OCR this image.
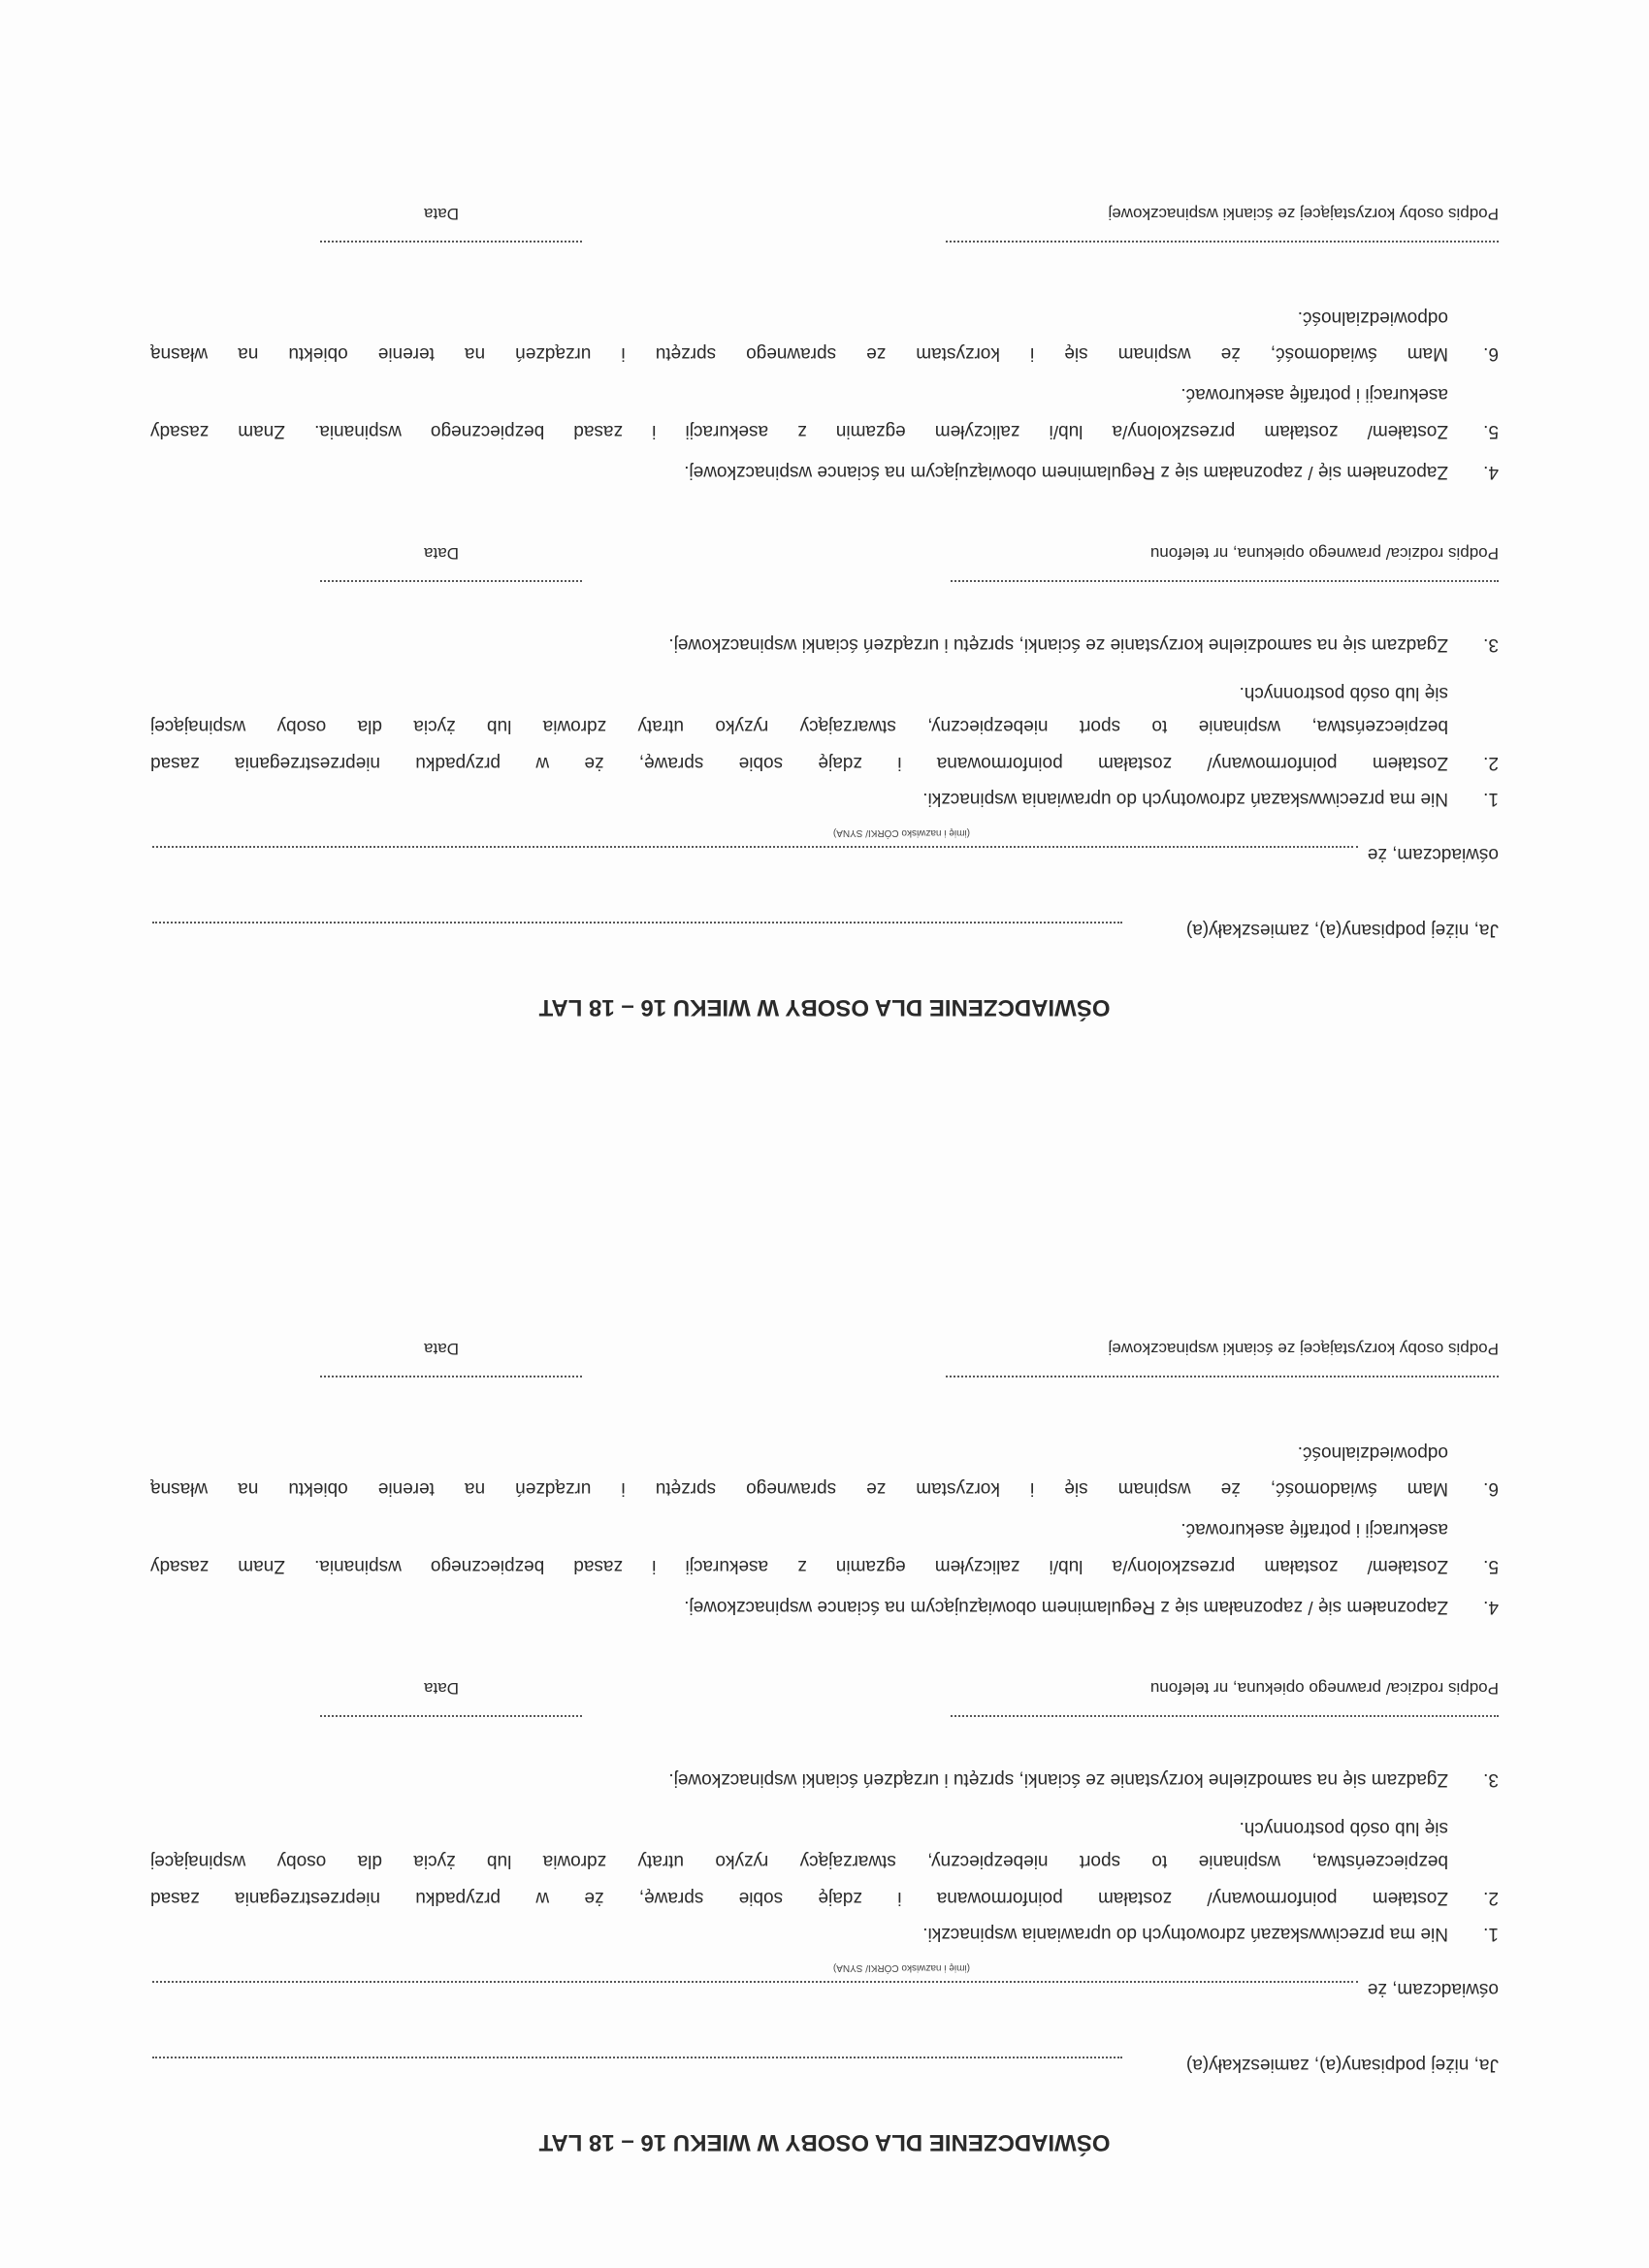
OŚWIADCZENIE DLA OSOBY W WIEKU 16 – 18 LAT
Ja, niżej podpisany(a), zamieszkały(a)
oświadczam, że
(imię i nazwisko CÓRKI/ SYNA)
1.
Nie ma przeciwwskazań zdrowotnych do uprawiania wspinaczki.
2.
Zostałem poinformowany/ zostałam poinformowana i zdaję sobie sprawę, że w przypadku nieprzestrzegania zasad
bezpieczeństwa, wspinanie to sport niebezpieczny, stwarzający ryzyko utraty zdrowia lub życia dla osoby wspinającej
się lub osób postronnych.
3.
Zgadzam się na samodzielne korzystanie ze ścianki, sprzętu i urządzeń ścianki wspinaczkowej.
Podpis rodzica/ prawnego opiekuna, nr telefonu
Data
4.
Zapoznałem się / zapoznałam się z Regulaminem obowiązującym na ściance wspinaczkowej.
5.
Zostałem/ zostałam przeszkolony/a lub/i zaliczyłem egzamin z asekuracji i zasad bezpiecznego wspinania. Znam zasady
asekuracji i potrafię asekurować.
6.
Mam świadomość, że wspinam się i korzystam ze sprawnego sprzętu i urządzeń na terenie obiektu na własną
odpowiedzialność.
Podpis osoby korzystającej ze ścianki wspinaczkowej
Data
OŚWIADCZENIE DLA OSOBY W WIEKU 16 – 18 LAT
Ja, niżej podpisany(a), zamieszkały(a)
oświadczam, że
(imię i nazwisko CÓRKI/ SYNA)
1.
Nie ma przeciwwskazań zdrowotnych do uprawiania wspinaczki.
2.
Zostałem poinformowany/ zostałam poinformowana i zdaję sobie sprawę, że w przypadku nieprzestrzegania zasad
bezpieczeństwa, wspinanie to sport niebezpieczny, stwarzający ryzyko utraty zdrowia lub życia dla osoby wspinającej
się lub osób postronnych.
3.
Zgadzam się na samodzielne korzystanie ze ścianki, sprzętu i urządzeń ścianki wspinaczkowej.
Podpis rodzica/ prawnego opiekuna, nr telefonu
Data
4.
Zapoznałem się / zapoznałam się z Regulaminem obowiązującym na ściance wspinaczkowej.
5.
Zostałem/ zostałam przeszkolony/a lub/i zaliczyłem egzamin z asekuracji i zasad bezpiecznego wspinania. Znam zasady
asekuracji i potrafię asekurować.
6.
Mam świadomość, że wspinam się i korzystam ze sprawnego sprzętu i urządzeń na terenie obiektu na własną
odpowiedzialność.
Podpis osoby korzystającej ze ścianki wspinaczkowej
Data
